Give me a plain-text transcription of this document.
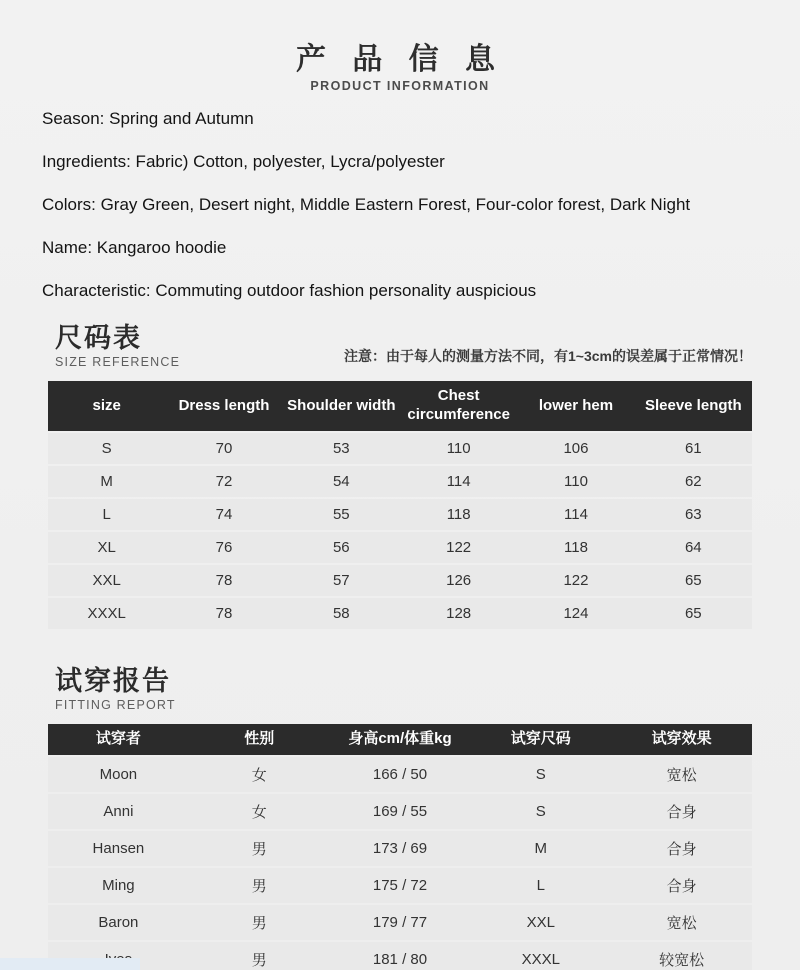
产 品 信 息
PRODUCT INFORMATION

Season: Spring and Autumn

Ingredients: Fabric) Cotton, polyester, Lycra/polyester

Colors: Gray Green, Desert night, Middle Eastern Forest, Four-color forest, Dark Night

Name: Kangaroo hoodie

Characteristic: Commuting outdoor fashion personality auspicious

尺码表
SIZE REFERENCE	注意：由于每人的测量方法不同，有1~3cm的误差属于正常情况！
size	Dress length	Shoulder width	Chest circumference	lower hem	Sleeve length
S	70	53	110	106	61
M	72	54	114	110	62
L	74	55	118	114	63
XL	76	56	122	118	64
XXL	78	57	126	122	65
XXXL	78	58	128	124	65
试穿报告
FITTING REPORT
试穿者	性别	身高cm/体重kg	试穿尺码	试穿效果
Moon	女	166 / 50	S	宽松
Anni	女	169 / 55	S	合身
Hansen	男	173 / 69	M	合身
Ming	男	175 / 72	L	合身
Baron	男	179 / 77	XXL	宽松
	男	181 / 80	XXXL	较宽松
